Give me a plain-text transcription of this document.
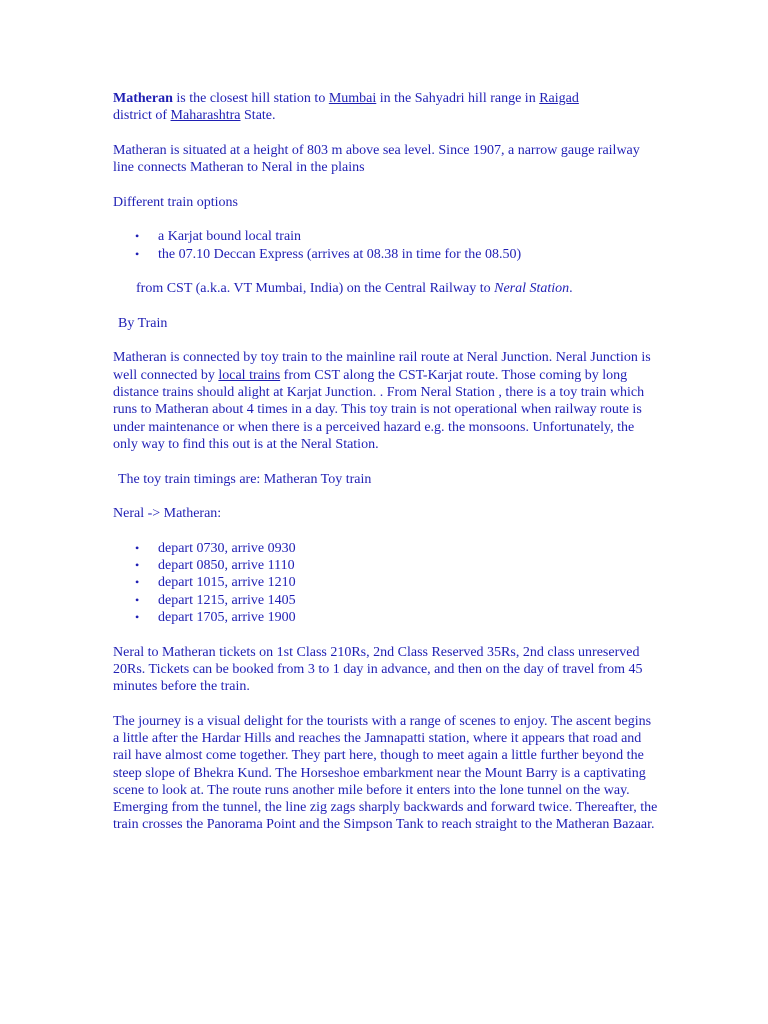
Matheran is the closest hill station to Mumbai in the Sahyadri hill range in Raigad
district of Maharashtra State.

Matheran is situated at a height of 803 m above sea level. Since 1907, a narrow gauge railway line connects Matheran to Neral in the plains

Different train options

• a Karjat bound local train
• the 07.10 Deccan Express (arrives at 08.38 in time for the 08.50)

from CST (a.k.a. VT Mumbai, India) on the Central Railway to Neral Station.

By Train

Matheran is connected by toy train to the mainline rail route at Neral Junction. Neral Junction is well connected by local trains from CST along the CST-Karjat route. Those coming by long distance trains should alight at Karjat Junction. . From Neral Station , there is a toy train which runs to Matheran about 4 times in a day. This toy train is not operational when railway route is under maintenance or when there is a perceived hazard e.g. the monsoons. Unfortunately, the only way to find this out is at the Neral Station.

The toy train timings are: Matheran Toy train

Neral -> Matheran:

• depart 0730, arrive 0930
• depart 0850, arrive 1110
• depart 1015, arrive 1210
• depart 1215, arrive 1405
• depart 1705, arrive 1900

Neral to Matheran tickets on 1st Class 210Rs, 2nd Class Reserved 35Rs, 2nd class unreserved 20Rs. Tickets can be booked from 3 to 1 day in advance, and then on the day of travel from 45 minutes before the train.

The journey is a visual delight for the tourists with a range of scenes to enjoy. The ascent begins a little after the Hardar Hills and reaches the Jamnapatti station, where it appears that road and rail have almost come together. They part here, though to meet again a little further beyond the steep slope of Bhekra Kund. The Horseshoe embarkment near the Mount Barry is a captivating scene to look at. The route runs another mile before it enters into the lone tunnel on the way. Emerging from the tunnel, the line zig zags sharply backwards and forward twice. Thereafter, the train crosses the Panorama Point and the Simpson Tank to reach straight to the Matheran Bazaar.
